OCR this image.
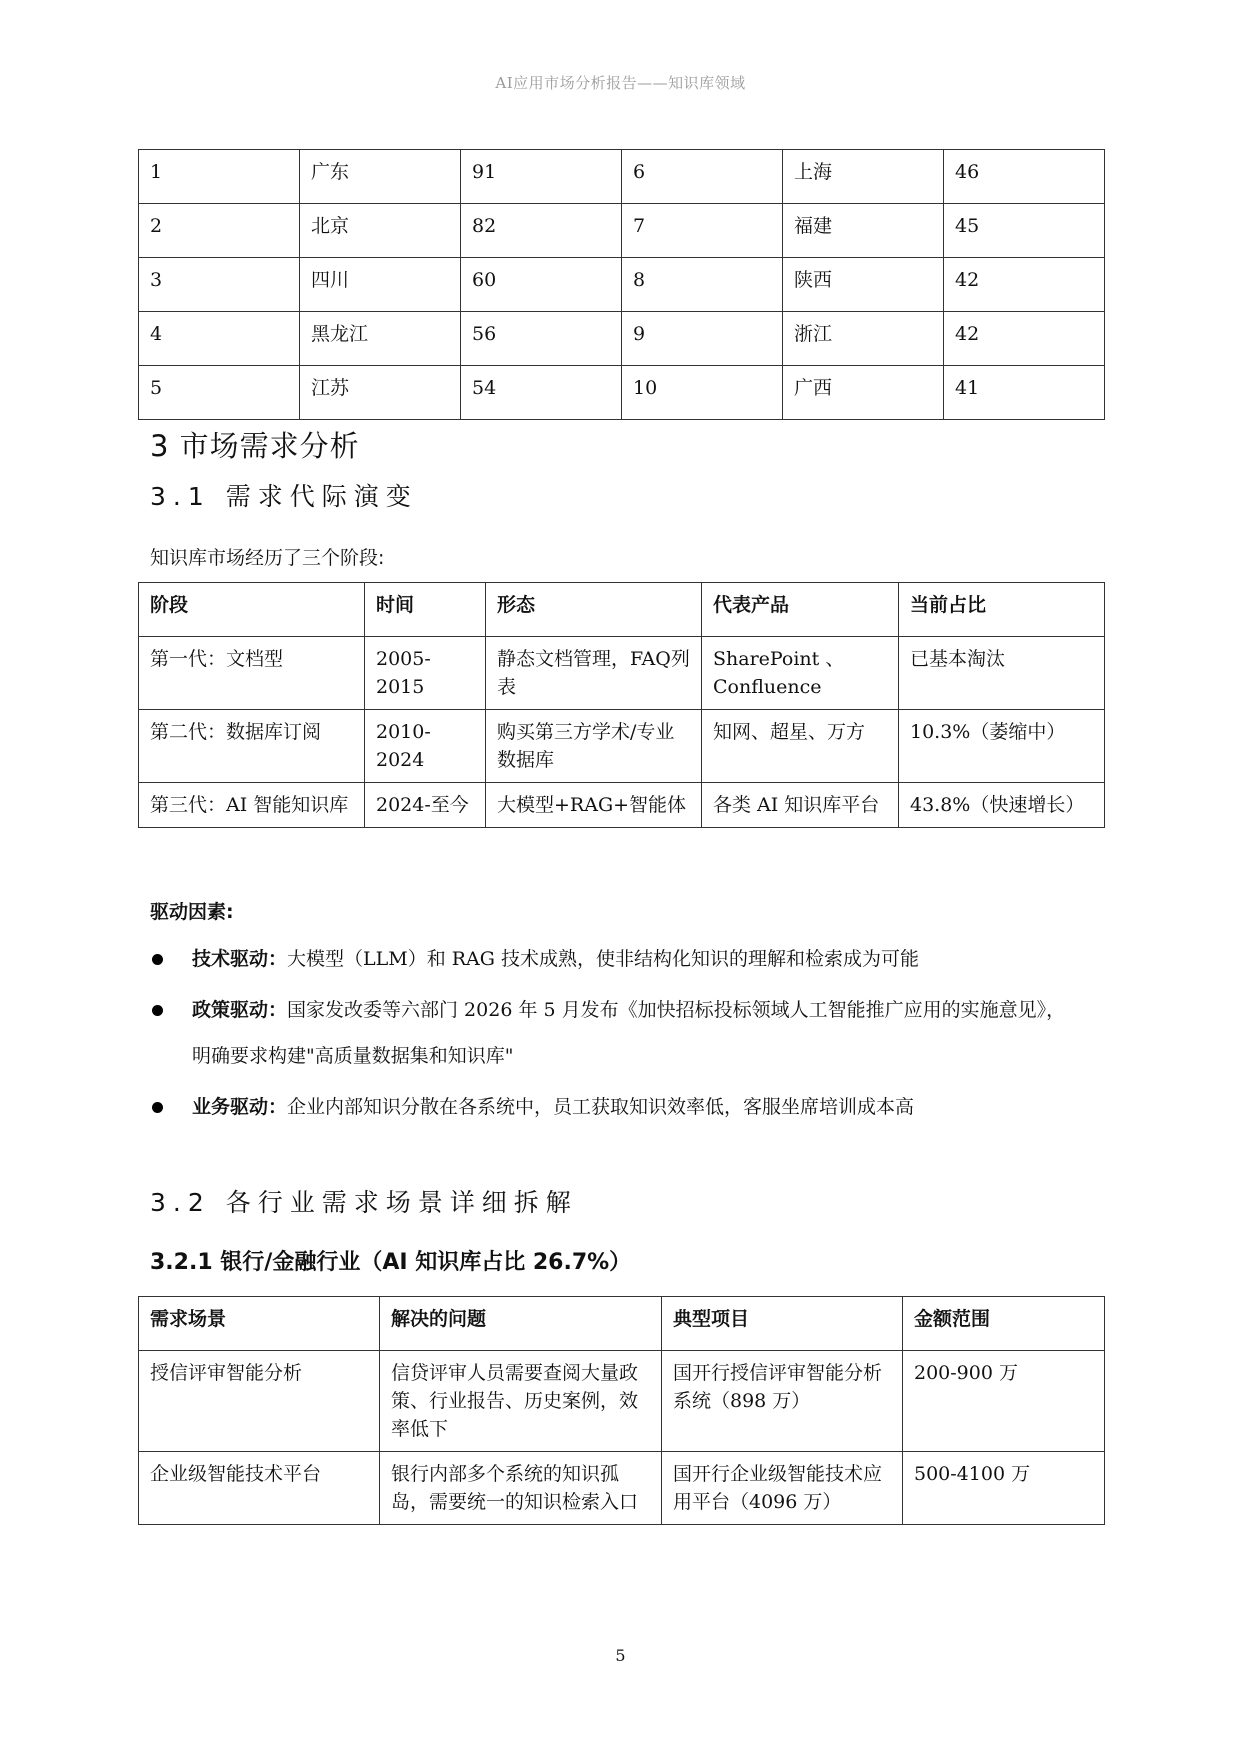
AI应用市场分析报告——知识库领域
1	广东	91	6	上海	46
2	北京	82	7	福建	45
3	四川	60	8	陕西	42
4	黑龙江	56	9	浙江	42
5	江苏	54	10	广西	41
3 市场需求分析
3.1 需求代际演变
知识库市场经历了三个阶段:
阶段	时间	形态	代表产品	当前占比
第一代：文档型	2005-2015	静态文档管理，FAQ列表	SharePoint 、Confluence	已基本淘汰
第二代：数据库订阅	2010-2024	购买第三方学术/专业数据库	知网、超星、万方	10.3%（萎缩中）
第三代：AI 智能知识库	2024-至今	大模型+RAG+智能体	各类 AI 知识库平台	43.8%（快速增长）
驱动因素:
技术驱动：大模型（LLM）和 RAG 技术成熟，使非结构化知识的理解和检索成为可能
政策驱动：国家发改委等六部门 2026 年 5 月发布《加快招标投标领域人工智能推广应用的实施意见》，明确要求构建"高质量数据集和知识库"
业务驱动：企业内部知识分散在各系统中，员工获取知识效率低，客服坐席培训成本高
3.2 各行业需求场景详细拆解
3.2.1 银行/金融行业（AI 知识库占比 26.7%）
需求场景	解决的问题	典型项目	金额范围
授信评审智能分析	信贷评审人员需要查阅大量政策、行业报告、历史案例，效率低下	国开行授信评审智能分析系统（898 万）	200-900 万
企业级智能技术平台	银行内部多个系统的知识孤岛，需要统一的知识检索入口	国开行企业级智能技术应用平台（4096 万）	500-4100 万
5
